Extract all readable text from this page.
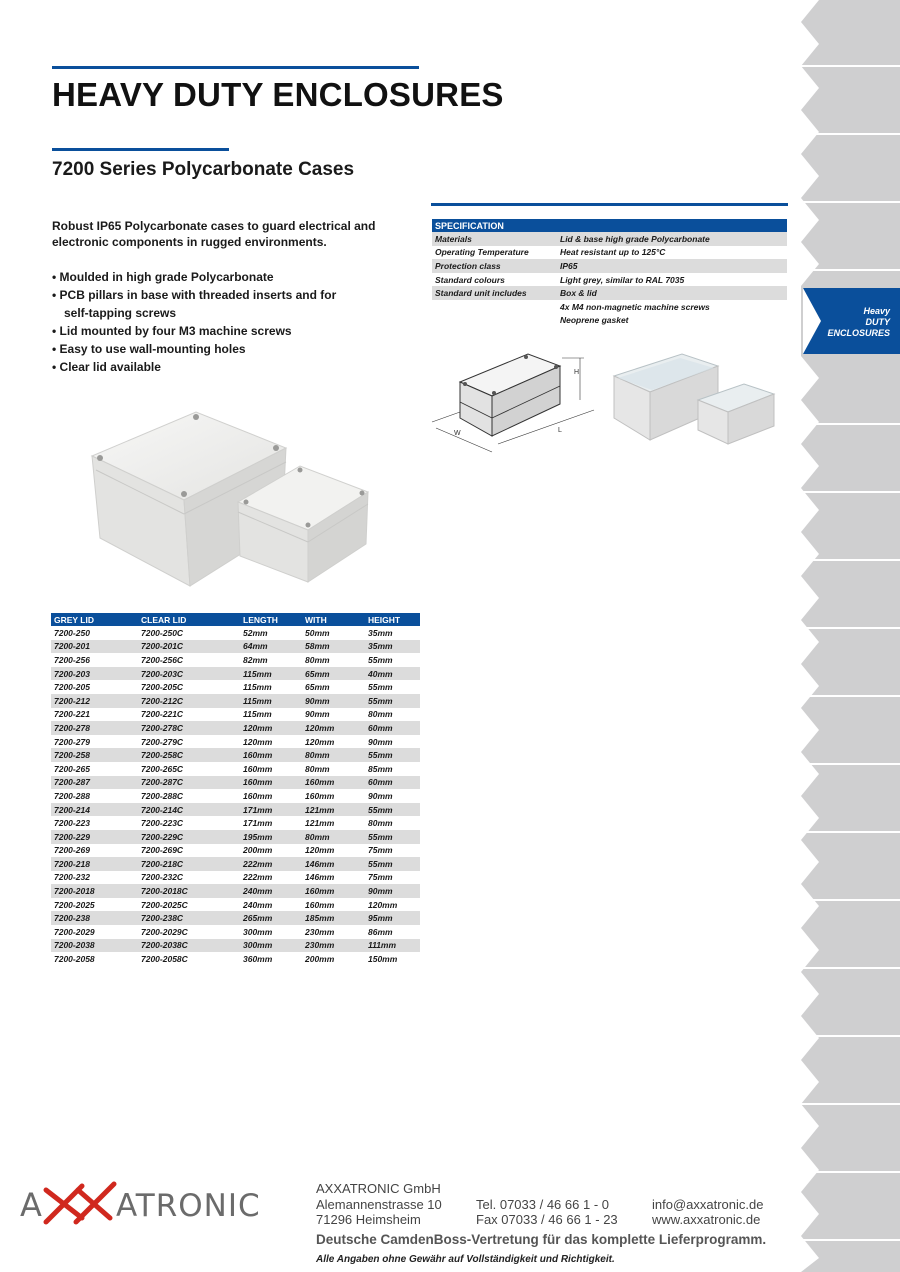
Heavy
DUTY
ENCLOSURES
HEAVY DUTY ENCLOSURES
7200 Series Polycarbonate Cases

Robust IP65 Polycarbonate cases to guard electrical and electronic components in rugged environments.

• Moulded in high grade Polycarbonate
• PCB pillars in base with threaded inserts and for
self-tapping screws
• Lid mounted by four M3 machine screws
• Easy to use wall-mounting holes
• Clear lid available
SPECIFICATION	
Materials	Lid & base high grade Polycarbonate
Operating Temperature	Heat resistant up to 125°C
Protection class	IP65
Standard colours	Light grey, similar to RAL 7035
Standard unit includes	Box & lid
	4x M4 non-magnetic machine screws
	Neoprene gasket
W	L
H
GREY LID	CLEAR LID	LENGTH	WITH	HEIGHT
7200-250	7200-250C	52mm	50mm	35mm
7200-201	7200-201C	64mm	58mm	35mm
7200-256	7200-256C	82mm	80mm	55mm
7200-203	7200-203C	115mm	65mm	40mm
7200-205	7200-205C	115mm	65mm	55mm
7200-212	7200-212C	115mm	90mm	55mm
7200-221	7200-221C	115mm	90mm	80mm
7200-278	7200-278C	120mm	120mm	60mm
7200-279	7200-279C	120mm	120mm	90mm
7200-258	7200-258C	160mm	80mm	55mm
7200-265	7200-265C	160mm	80mm	85mm
7200-287	7200-287C	160mm	160mm	60mm
7200-288	7200-288C	160mm	160mm	90mm
7200-214	7200-214C	171mm	121mm	55mm
7200-223	7200-223C	171mm	121mm	80mm
7200-229	7200-229C	195mm	80mm	55mm
7200-269	7200-269C	200mm	120mm	75mm
7200-218	7200-218C	222mm	146mm	55mm
7200-232	7200-232C	222mm	146mm	75mm
7200-2018	7200-2018C	240mm	160mm	90mm
7200-2025	7200-2025C	240mm	160mm	120mm
7200-238	7200-238C	265mm	185mm	95mm
7200-2029	7200-2029C	300mm	230mm	86mm
7200-2038	7200-2038C	300mm	230mm	111mm
7200-2058	7200-2058C	360mm	200mm	150mm
A ATRONIC	AXXATRONIC GmbH
Alemannenstrasse 10	Tel. 07033 / 46 66 1 - 0	info@axxatronic.de
71296 Heimsheim	Fax 07033 / 46 66 1 - 23	www.axxatronic.de
Deutsche CamdenBoss-Vertretung für das komplette Lieferprogramm.
Alle Angaben ohne Gewähr auf Vollständigkeit und Richtigkeit.
